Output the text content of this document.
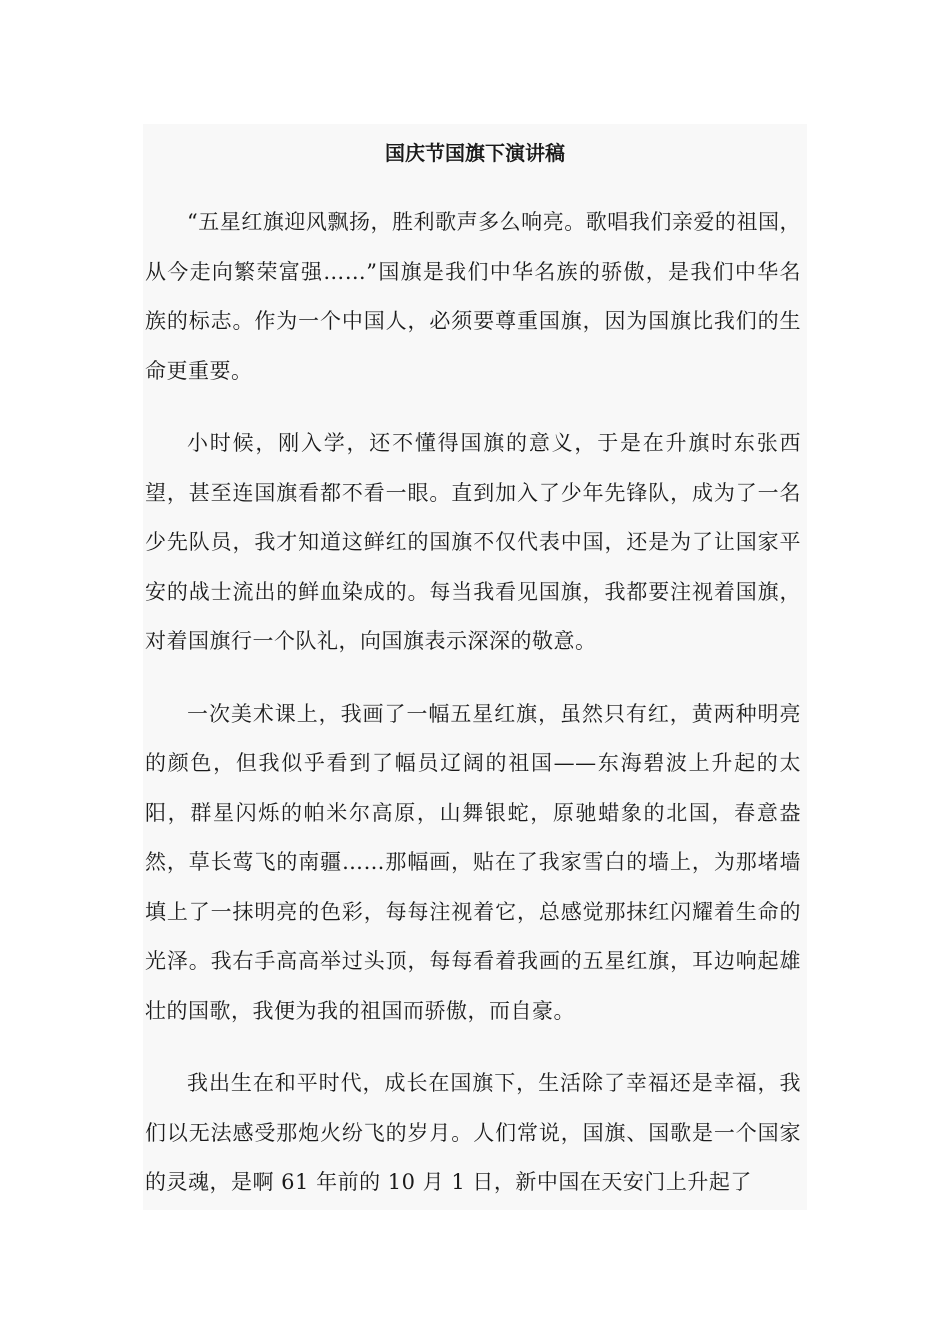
国庆节国旗下演讲稿

“五星红旗迎风飘扬，胜利歌声多么响亮。歌唱我们亲爱的祖国，从今走向繁荣富强……”国旗是我们中华名族的骄傲，是我们中华名族的标志。作为一个中国人，必须要尊重国旗，因为国旗比我们的生命更重要。

小时候，刚入学，还不懂得国旗的意义，于是在升旗时东张西望，甚至连国旗看都不看一眼。直到加入了少年先锋队，成为了一名少先队员，我才知道这鲜红的国旗不仅代表中国，还是为了让国家平安的战士流出的鲜血染成的。每当我看见国旗，我都要注视着国旗，对着国旗行一个队礼，向国旗表示深深的敬意。

一次美术课上，我画了一幅五星红旗，虽然只有红，黄两种明亮的颜色，但我似乎看到了幅员辽阔的祖国——东海碧波上升起的太阳，群星闪烁的帕米尔高原，山舞银蛇，原驰蜡象的北国，春意盎然，草长莺飞的南疆……那幅画，贴在了我家雪白的墙上，为那堵墙填上了一抹明亮的色彩，每每注视着它，总感觉那抹红闪耀着生命的光泽。我右手高高举过头顶，每每看着我画的五星红旗，耳边响起雄壮的国歌，我便为我的祖国而骄傲，而自豪。

我出生在和平时代，成长在国旗下，生活除了幸福还是幸福，我们以无法感受那炮火纷飞的岁月。人们常说，国旗、国歌是一个国家的灵魂，是啊 61 年前的 10 月 1 日，新中国在天安门上升起了
